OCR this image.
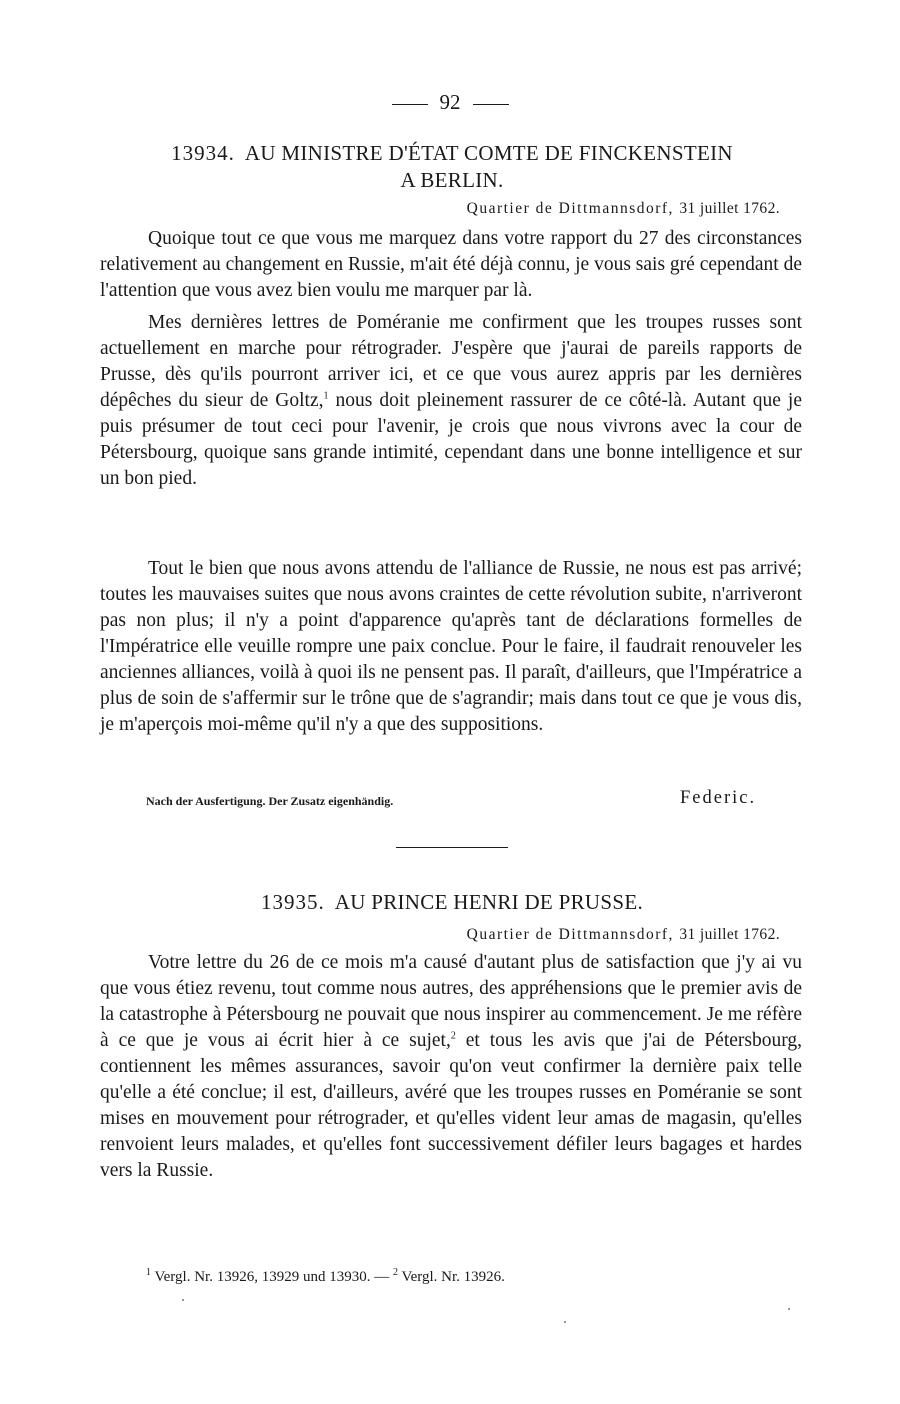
92
13934. AU MINISTRE D'ÉTAT COMTE DE FINCKENSTEIN
A BERLIN.
Quartier de Dittmannsdorf, 31 juillet 1762.

Quoique tout ce que vous me marquez dans votre rapport du 27 des circonstances relativement au changement en Russie, m'ait été déjà connu, je vous sais gré cependant de l'attention que vous avez bien voulu me marquer par là.

Mes dernières lettres de Poméranie me confirment que les troupes russes sont actuellement en marche pour rétrograder. J'espère que j'aurai de pareils rapports de Prusse, dès qu'ils pourront arriver ici, et ce que vous aurez appris par les dernières dépêches du sieur de Goltz,$^1$ nous doit pleinement rassurer de ce côté-là. Autant que je puis présumer de tout ceci pour l'avenir, je crois que nous vivrons avec la cour de Pétersbourg, quoique sans grande intimité, cependant dans une bonne intelligence et sur un bon pied.

Tout le bien que nous avons attendu de l'alliance de Russie, ne nous est pas arrivé; toutes les mauvaises suites que nous avons craintes de cette révolution subite, n'arriveront pas non plus; il n'y a point d'apparence qu'après tant de déclarations formelles de l'Impératrice elle veuille rompre une paix conclue. Pour le faire, il faudrait renouveler les anciennes alliances, voilà à quoi ils ne pensent pas. Il paraît, d'ailleurs, que l'Impératrice a plus de soin de s'affermir sur le trône que de s'agrandir; mais dans tout ce que je vous dis, je m'aperçois moi-même qu'il n'y a que des suppositions.

Nach der Ausfertigung. Der Zusatz eigenhändig.	Federic.
13935. AU PRINCE HENRI DE PRUSSE.
Quartier de Dittmannsdorf, 31 juillet 1762.

Votre lettre du 26 de ce mois m'a causé d'autant plus de satisfaction que j'y ai vu que vous étiez revenu, tout comme nous autres, des appréhensions que le premier avis de la catastrophe à Pétersbourg ne pouvait que nous inspirer au commencement. Je me réfère à ce que je vous ai écrit hier à ce sujet,$^2$ et tous les avis que j'ai de Pétersbourg, contiennent les mêmes assurances, savoir qu'on veut confirmer la dernière paix telle qu'elle a été conclue; il est, d'ailleurs, avéré que les troupes russes en Poméranie se sont mises en mouvement pour rétrograder, et qu'elles vident leur amas de magasin, qu'elles renvoient leurs malades, et qu'elles font successivement défiler leurs bagages et hardes vers la Russie.

$^1$ Vergl. Nr. 13926, 13929 und 13930. — $^2$ Vergl. Nr. 13926.
